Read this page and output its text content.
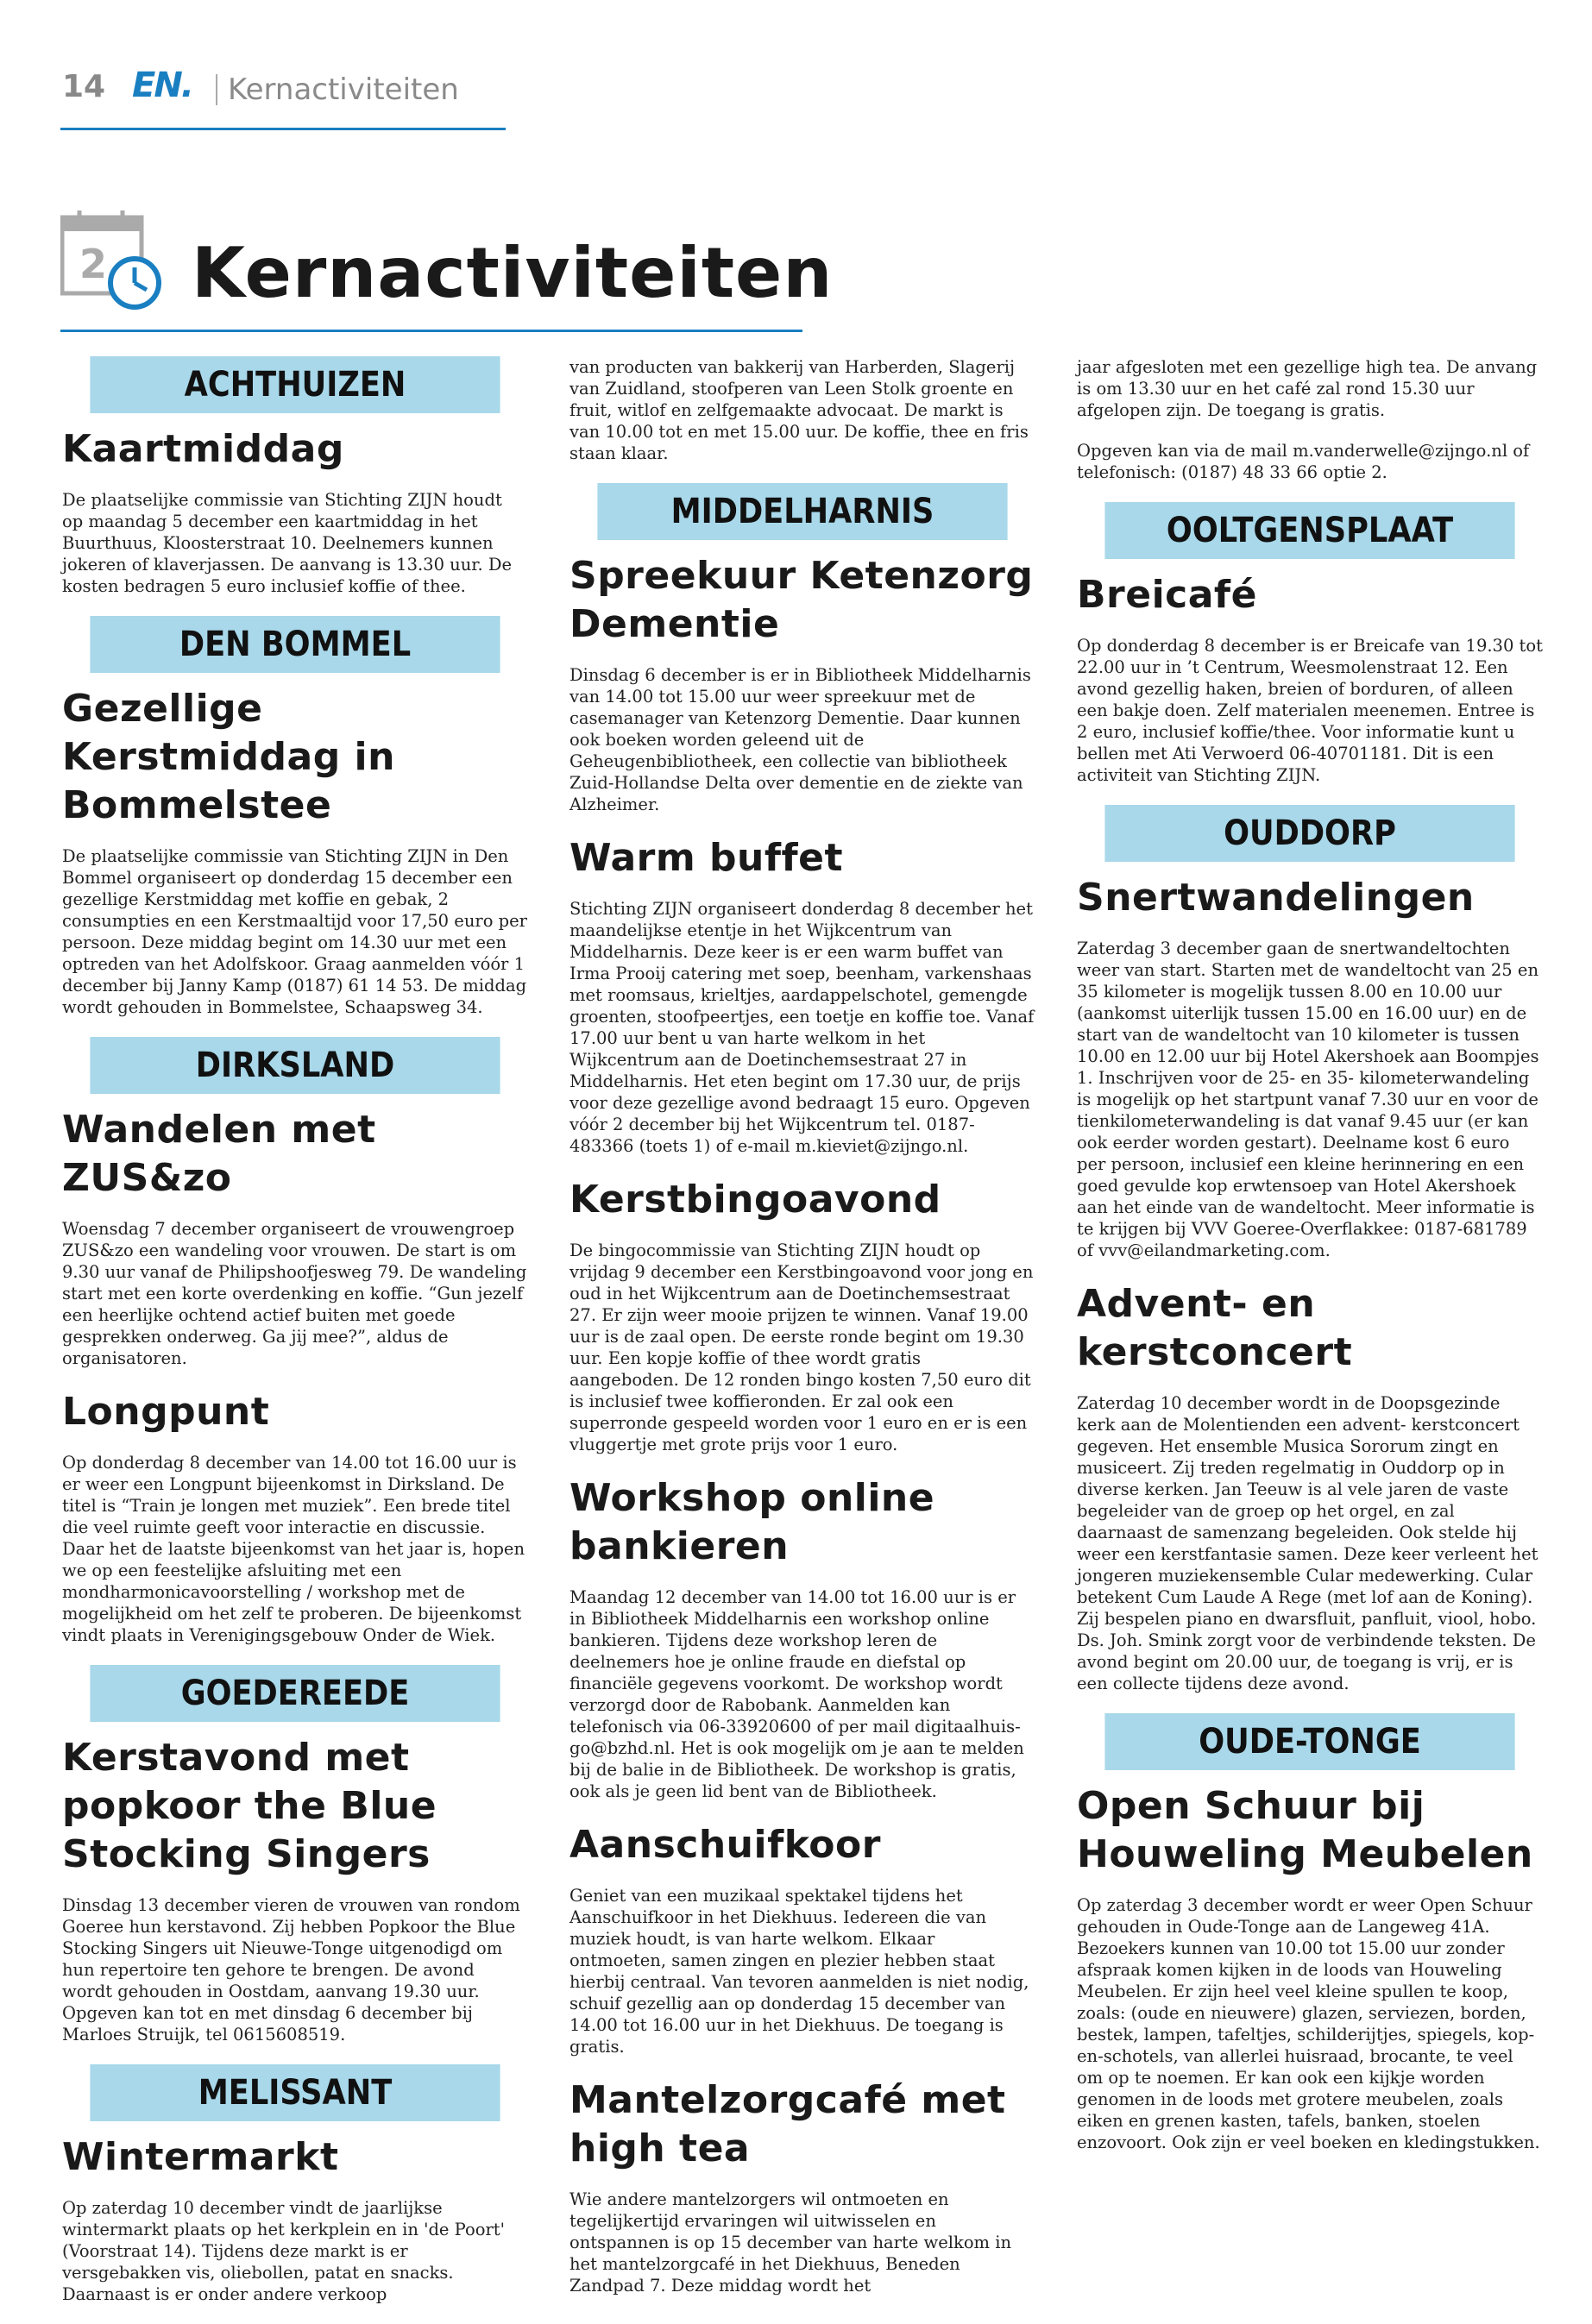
14 EN. Kernactiviteiten
2 Kernactiviteiten
ACHTHUIZEN
Kaartmiddag

De plaatselijke commissie van Stichting ZIJN houdt op maandag 5 december een kaartmiddag in het Buurthuus, Kloosterstraat 10. Deelnemers kunnen jokeren of klaverjassen. De aanvang is 13.30 uur. De kosten bedragen 5 euro inclusief koffie of thee.

DEN BOMMEL
Gezellige Kerstmiddag in Bommelstee

De plaatselijke commissie van Stichting ZIJN in Den Bommel organiseert op donderdag 15 december een gezellige Kerstmiddag met koffie en gebak, 2 consumpties en een Kerstmaaltijd voor 17,50 euro per persoon. Deze middag begint om 14.30 uur met een optreden van het Adolfskoor. Graag aanmelden vóór 1 december bij Janny Kamp (0187) 61 14 53. De middag wordt gehouden in Bommelstee, Schaapsweg 34.

DIRKSLAND
Wandelen met ZUS&zo

Woensdag 7 december organiseert de vrouwengroep ZUS&zo een wandeling voor vrouwen. De start is om 9.30 uur vanaf de Philipshoofjesweg 79. De wandeling start met een korte overdenking en koffie. “Gun jezelf een heerlijke ochtend actief buiten met goede gesprekken onderweg. Ga jij mee?”, aldus de organisatoren.

Longpunt

Op donderdag 8 december van 14.00 tot 16.00 uur is er weer een Longpunt bijeenkomst in Dirksland. De titel is “Train je longen met muziek”. Een brede titel die veel ruimte geeft voor interactie en discussie. Daar het de laatste bijeenkomst van het jaar is, hopen we op een feestelijke afsluiting met een mondharmonicavoorstelling / workshop met de mogelijkheid om het zelf te proberen. De bijeenkomst vindt plaats in Verenigingsgebouw Onder de Wiek.

GOEDEREEDE
Kerstavond met popkoor the Blue Stocking Singers

Dinsdag 13 december vieren de vrouwen van rondom Goeree hun kerstavond. Zij hebben Popkoor the Blue Stocking Singers uit Nieuwe-Tonge uitgenodigd om hun repertoire ten gehore te brengen. De avond wordt gehouden in Oostdam, aanvang 19.30 uur. Opgeven kan tot en met dinsdag 6 december bij Marloes Struijk, tel 0615608519.

MELISSANT
Wintermarkt

Op zaterdag 10 december vindt de jaarlijkse wintermarkt plaats op het kerkplein en in 'de Poort' (Voorstraat 14). Tijdens deze markt is er versgebakken vis, oliebollen, patat en snacks. Daarnaast is er onder andere verkoop

van producten van bakkerij van Harberden, Slagerij van Zuidland, stoofperen van Leen Stolk groente en fruit, witlof en zelfgemaakte advocaat. De markt is van 10.00 tot en met 15.00 uur. De koffie, thee en fris staan klaar.

MIDDELHARNIS
Spreekuur Ketenzorg Dementie

Dinsdag 6 december is er in Bibliotheek Middelharnis van 14.00 tot 15.00 uur weer spreekuur met de casemanager van Ketenzorg Dementie. Daar kunnen ook boeken worden geleend uit de Geheugenbibliotheek, een collectie van bibliotheek Zuid-Hollandse Delta over dementie en de ziekte van Alzheimer.

Warm buffet

Stichting ZIJN organiseert donderdag 8 december het maandelijkse etentje in het Wijkcentrum van Middelharnis. Deze keer is er een warm buffet van Irma Prooij catering met soep, beenham, varkenshaas met roomsaus, krieltjes, aardappelschotel, gemengde groenten, stoofpeertjes, een toetje en koffie toe. Vanaf 17.00 uur bent u van harte welkom in het Wijkcentrum aan de Doetinchemsestraat 27 in Middelharnis. Het eten begint om 17.30 uur, de prijs voor deze gezellige avond bedraagt 15 euro. Opgeven vóór 2 december bij het Wijkcentrum tel. 0187- 483366 (toets 1) of e-mail m.kieviet@zijngo.nl.

Kerstbingoavond

De bingocommissie van Stichting ZIJN houdt op vrijdag 9 december een Kerstbingoavond voor jong en oud in het Wijkcentrum aan de Doetinchemsestraat 27. Er zijn weer mooie prijzen te winnen. Vanaf 19.00 uur is de zaal open. De eerste ronde begint om 19.30 uur. Een kopje koffie of thee wordt gratis aangeboden. De 12 ronden bingo kosten 7,50 euro dit is inclusief twee koffieronden. Er zal ook een superronde gespeeld worden voor 1 euro en er is een vluggertje met grote prijs voor 1 euro.

Workshop online bankieren

Maandag 12 december van 14.00 tot 16.00 uur is er in Bibliotheek Middelharnis een workshop online bankieren. Tijdens deze workshop leren de deelnemers hoe je online fraude en diefstal op financiële gegevens voorkomt. De workshop wordt verzorgd door de Rabobank. Aanmelden kan telefonisch via 06-33920600 of per mail digitaalhuis-go@bzhd.nl. Het is ook mogelijk om je aan te melden bij de balie in de Bibliotheek. De workshop is gratis, ook als je geen lid bent van de Bibliotheek.

Aanschuifkoor

Geniet van een muzikaal spektakel tijdens het Aanschuifkoor in het Diekhuus. Iedereen die van muziek houdt, is van harte welkom. Elkaar ontmoeten, samen zingen en plezier hebben staat hierbij centraal. Van tevoren aanmelden is niet nodig, schuif gezellig aan op donderdag 15 december van 14.00 tot 16.00 uur in het Diekhuus. De toegang is gratis.

Mantelzorgcafé met high tea

Wie andere mantelzorgers wil ontmoeten en tegelijkertijd ervaringen wil uitwisselen en ontspannen is op 15 december van harte welkom in het mantelzorgcafé in het Diekhuus, Beneden Zandpad 7. Deze middag wordt het

jaar afgesloten met een gezellige high tea. De anvang is om 13.30 uur en het café zal rond 15.30 uur afgelopen zijn. De toegang is gratis.

Opgeven kan via de mail m.vanderwelle@zijngo.nl of telefonisch: (0187) 48 33 66 optie 2.

OOLTGENSPLAAT
Breicafé

Op donderdag 8 december is er Breicafe van 19.30 tot 22.00 uur in ’t Centrum, Weesmolenstraat 12. Een avond gezellig haken, breien of borduren, of alleen een bakje doen. Zelf materialen meenemen. Entree is 2 euro, inclusief koffie/thee. Voor informatie kunt u bellen met Ati Verwoerd 06-40701181. Dit is een activiteit van Stichting ZIJN.

OUDDORP
Snertwandelingen

Zaterdag 3 december gaan de snertwandeltochten weer van start. Starten met de wandeltocht van 25 en 35 kilometer is mogelijk tussen 8.00 en 10.00 uur (aankomst uiterlijk tussen 15.00 en 16.00 uur) en de start van de wandeltocht van 10 kilometer is tussen 10.00 en 12.00 uur bij Hotel Akershoek aan Boompjes 1. Inschrijven voor de 25- en 35- kilometerwandeling is mogelijk op het startpunt vanaf 7.30 uur en voor de tienkilometerwandeling is dat vanaf 9.45 uur (er kan ook eerder worden gestart). Deelname kost 6 euro per persoon, inclusief een kleine herinnering en een goed gevulde kop erwtensoep van Hotel Akershoek aan het einde van de wandeltocht. Meer informatie is te krijgen bij VVV Goeree-Overflakkee: 0187-681789 of vvv@eilandmarketing.com.

Advent- en kerstconcert

Zaterdag 10 december wordt in de Doopsgezinde kerk aan de Molentienden een advent- kerstconcert gegeven. Het ensemble Musica Sororum zingt en musiceert. Zij treden regelmatig in Ouddorp op in diverse kerken. Jan Teeuw is al vele jaren de vaste begeleider van de groep op het orgel, en zal daarnaast de samenzang begeleiden. Ook stelde hij weer een kerstfantasie samen. Deze keer verleent het jongeren muziekensemble Cular medewerking. Cular betekent Cum Laude A Rege (met lof aan de Koning). Zij bespelen piano en dwarsfluit, panfluit, viool, hobo. Ds. Joh. Smink zorgt voor de verbindende teksten. De avond begint om 20.00 uur, de toegang is vrij, er is een collecte tijdens deze avond.

OUDE-TONGE
Open Schuur bij Houweling Meubelen

Op zaterdag 3 december wordt er weer Open Schuur gehouden in Oude-Tonge aan de Langeweg 41A. Bezoekers kunnen van 10.00 tot 15.00 uur zonder afspraak komen kijken in de loods van Houweling Meubelen. Er zijn heel veel kleine spullen te koop, zoals: (oude en nieuwere) glazen, serviezen, borden, bestek, lampen, tafeltjes, schilderijtjes, spiegels, kop-en-schotels, van allerlei huisraad, brocante, te veel om op te noemen. Er kan ook een kijkje worden genomen in de loods met grotere meubelen, zoals eiken en grenen kasten, tafels, banken, stoelen enzovoort. Ook zijn er veel boeken en kledingstukken.
